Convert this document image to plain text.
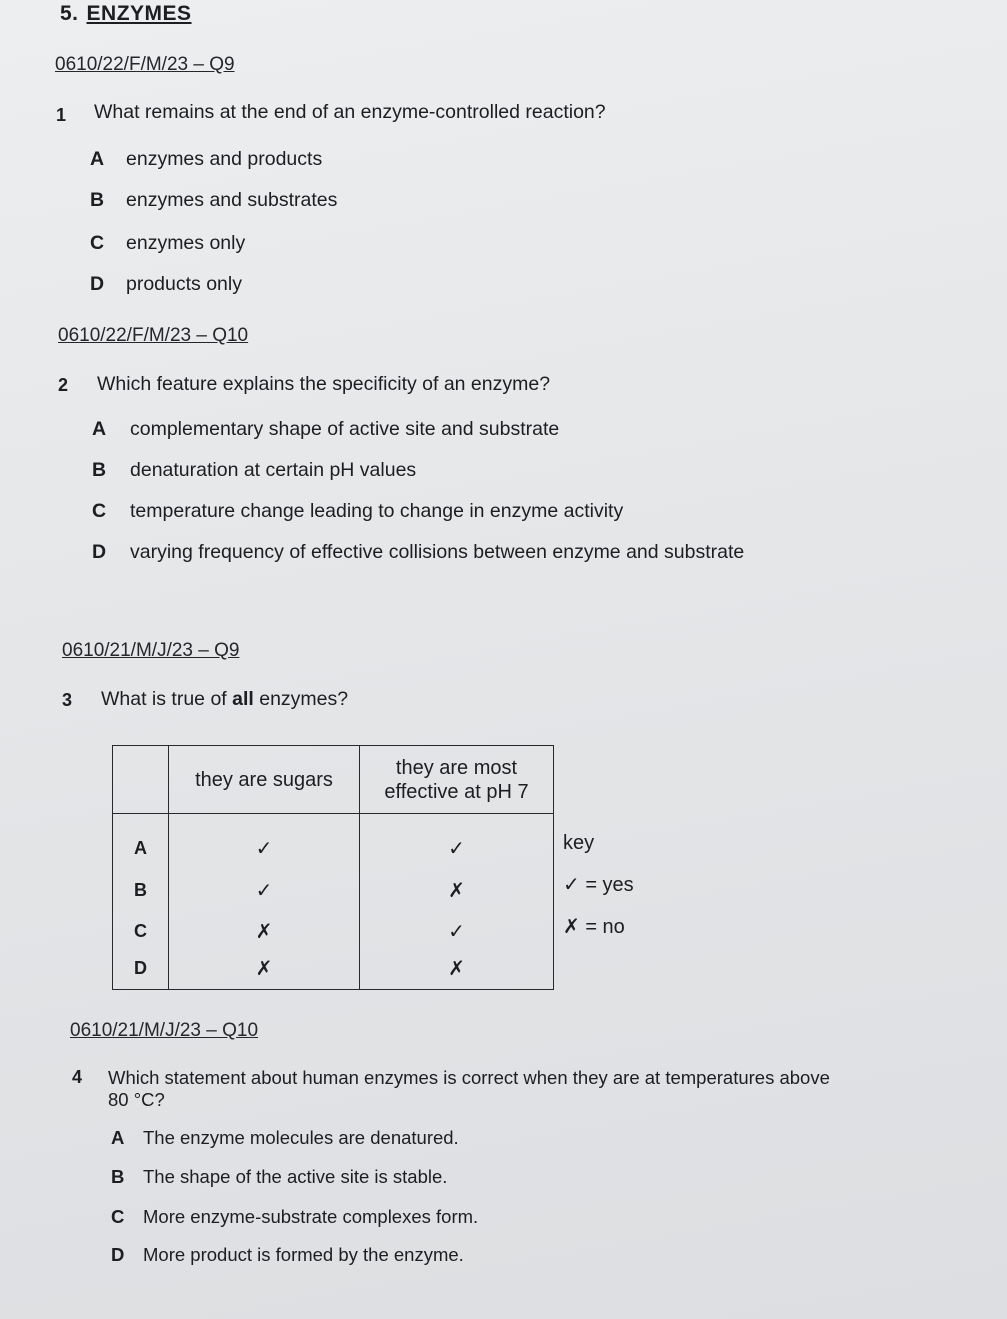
5. ENZYMES
0610/22/F/M/23 – Q9
1 What remains at the end of an enzyme-controlled reaction?
A	enzymes and products
B	enzymes and substrates
C	enzymes only
D	products only
0610/22/F/M/23 – Q10
2 Which feature explains the specificity of an enzyme?
A	complementary shape of active site and substrate
B	denaturation at certain pH values
C	temperature change leading to change in enzyme activity
D	varying frequency of effective collisions between enzyme and substrate
0610/21/M/J/23 – Q9
3 What is true of all enzymes?
	they are sugars	they are most
effective at pH 7

A	✓	✓
B	✓	✗
C	✗	✓
D	✗	✗
key
✓ = yes
✗ = no
0610/21/M/J/23 – Q10
4 Which statement about human enzymes is correct when they are at temperatures above
80 °C?
A	The enzyme molecules are denatured.
B	The shape of the active site is stable.
C	More enzyme-substrate complexes form.
D	More product is formed by the enzyme.
